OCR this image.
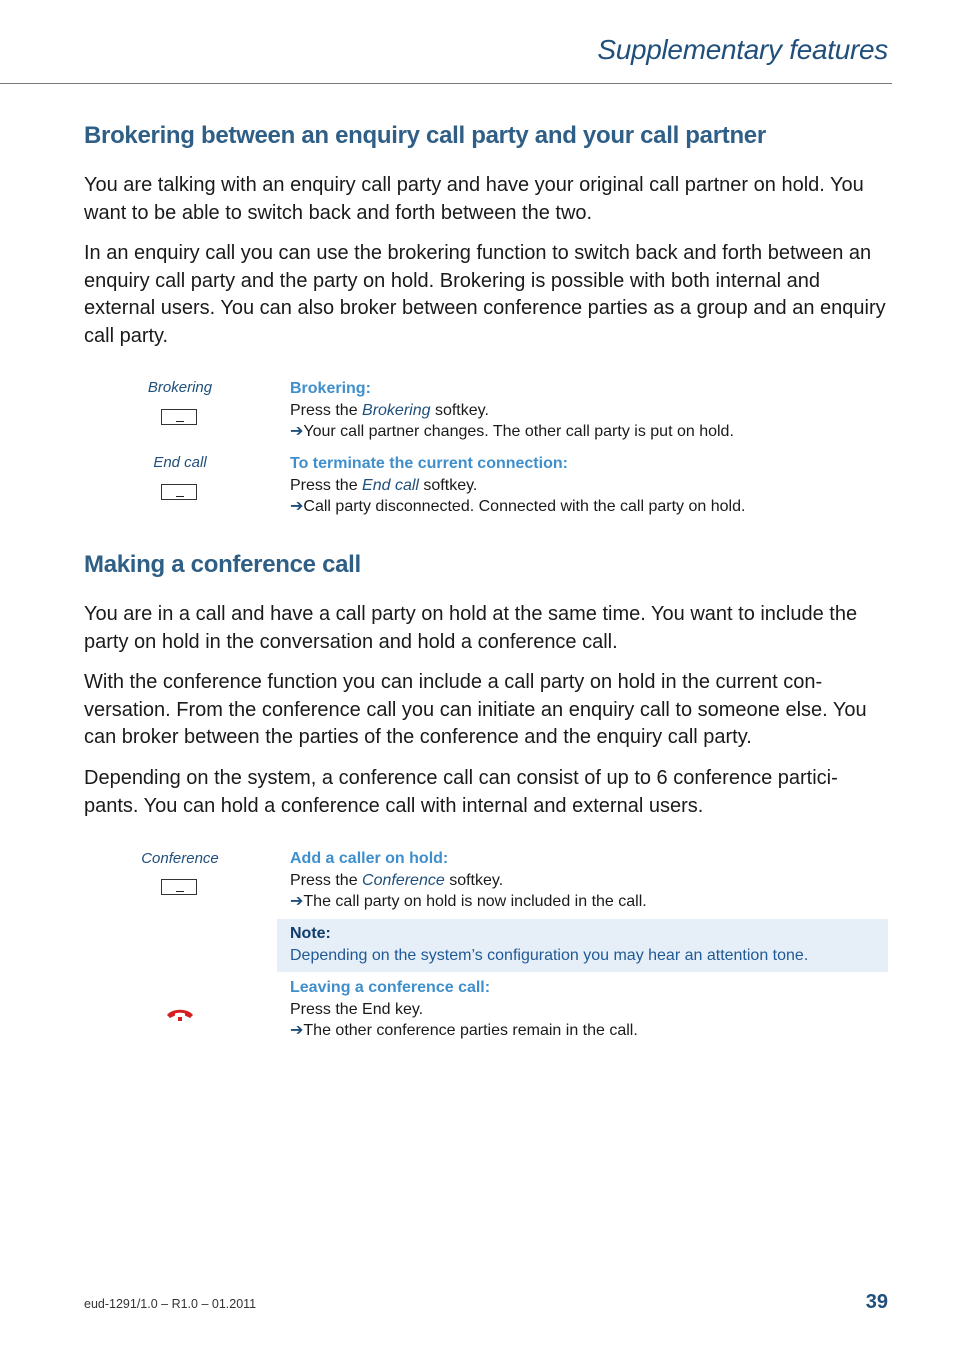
Supplementary features
Brokering between an enquiry call party and your call partner

You are talking with an enquiry call party and have your original call partner on hold. You want to be able to switch back and forth between the two.

In an enquiry call you can use the brokering function to switch back and forth between an enquiry call party and the party on hold. Brokering is possible with both internal and external users. You can also broker between conference parties as a group and an enquiry call party.

Brokering	Brokering:
Press the Brokering softkey.
➔Your call partner changes. The other call party is put on hold.
End call	To terminate the current connection:
Press the End call softkey.
➔Call party disconnected. Connected with the call party on hold.
Making a conference call

You are in a call and have a call party on hold at the same time. You want to include the party on hold in the conversation and hold a conference call.

With the conference function you can include a call party on hold in the current con-versation. From the conference call you can initiate an enquiry call to someone else. You can broker between the parties of the conference and the enquiry call party.

Depending on the system, a conference call can consist of up to 6 conference partici-pants. You can hold a conference call with internal and external users.

Conference	Add a caller on hold:
Press the Conference softkey.
➔The call party on hold is now included in the call.
Note:
Depending on the system’s configuration you may hear an attention tone.
Leaving a conference call:
Press the End key.
➔The other conference parties remain in the call.
eud-1291/1.0 – R1.0 – 01.2011	39
